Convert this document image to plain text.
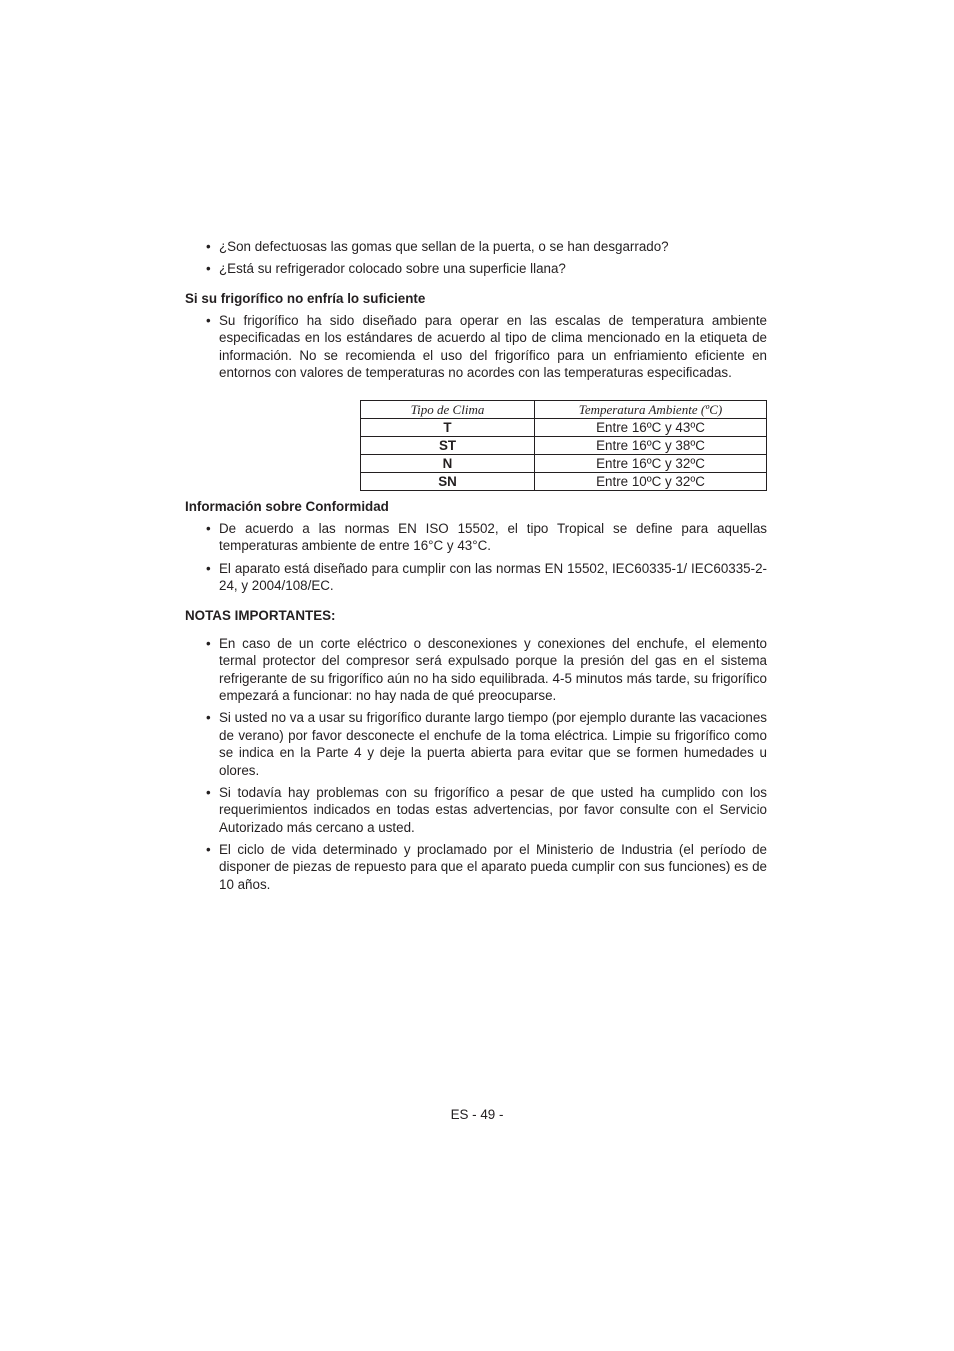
• ¿Son defectuosas las gomas que sellan de la puerta, o se han desgarrado?
• ¿Está su refrigerador colocado sobre una superficie llana?
Si su frigorífico no enfría lo suficiente
• Su frigorífico ha sido diseñado para operar en las escalas de temperatura ambiente especificadas en los estándares de acuerdo al tipo de clima mencionado en la etiqueta de información. No se recomienda el uso del frigorífico para un enfriamiento eficiente en entornos con valores de temperaturas no acordes con las temperaturas especificadas.
Tipo de Clima	Temperatura Ambiente (ºC)
T	Entre 16ºC y 43ºC
ST	Entre 16ºC y 38ºC
N	Entre 16ºC y 32ºC
SN	Entre 10ºC y 32ºC
Información sobre Conformidad
• De acuerdo a las normas EN ISO 15502, el tipo Tropical se define para aquellas temperaturas ambiente de entre 16°C y 43°C.
• El aparato está diseñado para cumplir con las normas EN 15502, IEC60335-1/ IEC60335-2-24, y 2004/108/EC.
NOTAS IMPORTANTES:
• En caso de un corte eléctrico o desconexiones y conexiones del enchufe, el elemento termal protector del compresor será expulsado porque la presión del gas en el sistema refrigerante de su frigorífico aún no ha sido equilibrada. 4-5 minutos más tarde, su frigorífico empezará a funcionar: no hay nada de qué preocuparse.
• Si usted no va a usar su frigorífico durante largo tiempo (por ejemplo durante las vacaciones de verano) por favor desconecte el enchufe de la toma eléctrica. Limpie su frigorífico como se indica en la Parte 4 y deje la puerta abierta para evitar que se formen humedades u olores.
• Si todavía hay problemas con su frigorífico a pesar de que usted ha cumplido con los requerimientos indicados en todas estas advertencias, por favor consulte con el Servicio Autorizado más cercano a usted.
• El ciclo de vida determinado y proclamado por el Ministerio de Industria (el período de disponer de piezas de repuesto para que el aparato pueda cumplir con sus funciones) es de 10 años.
ES - 49 -
